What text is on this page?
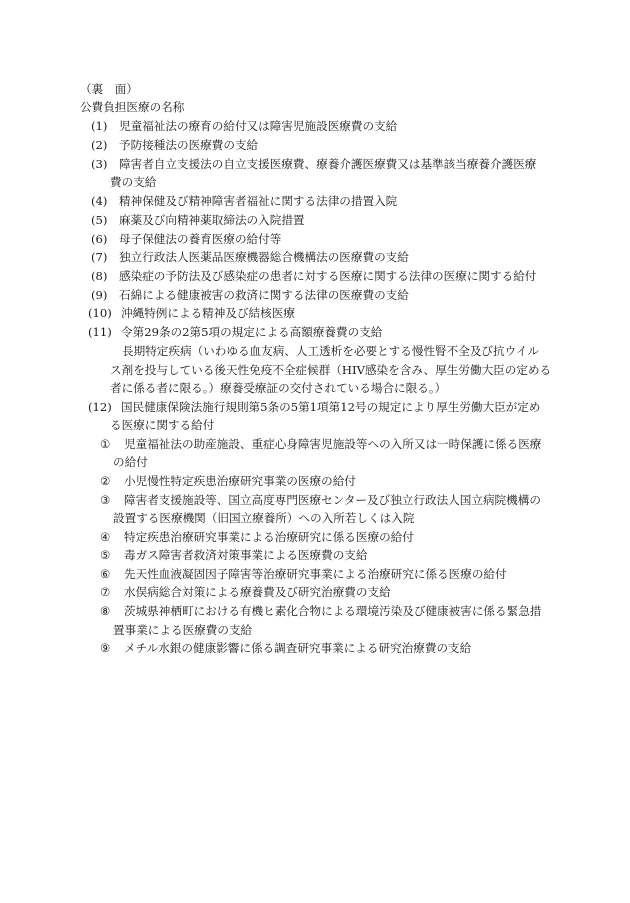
（裏　面）
公費負担医療の名称
(1) 児童福祉法の療育の給付又は障害児施設医療費の支給
(2) 予防接種法の医療費の支給
(3) 障害者自立支援法の自立支援医療費、療養介護医療費又は基準該当療養介護医療
費の支給
(4) 精神保健及び精神障害者福祉に関する法律の措置入院
(5) 麻薬及び向精神薬取締法の入院措置
(6) 母子保健法の養育医療の給付等
(7) 独立行政法人医薬品医療機器総合機構法の医療費の支給
(8) 感染症の予防法及び感染症の患者に対する医療に関する法律の医療に関する給付
(9) 石綿による健康被害の救済に関する法律の医療費の支給
(10) 沖縄特例による精神及び結核医療
(11) 令第29条の2第5項の規定による高額療養費の支給
長期特定疾病（いわゆる血友病、人工透析を必要とする慢性腎不全及び抗ウイル
ス剤を投与している後天性免疫不全症候群（HIV感染を含み、厚生労働大臣の定める
者に係る者に限る。）療養受療証の交付されている場合に限る。）
(12) 国民健康保険法施行規則第5条の5第1項第12号の規定により厚生労働大臣が定め
る医療に関する給付
① 児童福祉法の助産施設、重症心身障害児施設等への入所又は一時保護に係る医療
の給付
② 小児慢性特定疾患治療研究事業の医療の給付
③ 障害者支援施設等、国立高度専門医療センター及び独立行政法人国立病院機構の
設置する医療機関（旧国立療養所）への入所若しくは入院
④ 特定疾患治療研究事業による治療研究に係る医療の給付
⑤ 毒ガス障害者救済対策事業による医療費の支給
⑥ 先天性血液凝固因子障害等治療研究事業による治療研究に係る医療の給付
⑦ 水俣病総合対策による療養費及び研究治療費の支給
⑧ 茨城県神栖町における有機ヒ素化合物による環境汚染及び健康被害に係る緊急措
置事業による医療費の支給
⑨ メチル水銀の健康影響に係る調査研究事業による研究治療費の支給
